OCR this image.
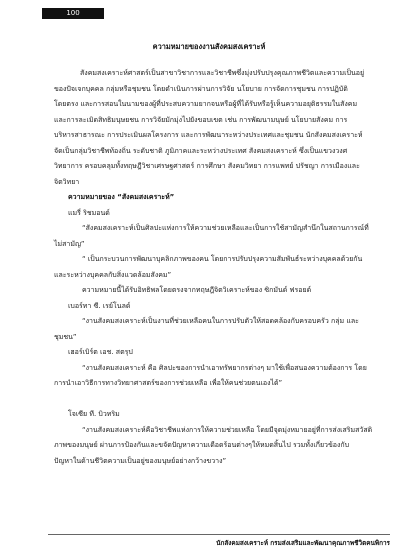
100
ความหมายของงานสังคมสงเคราะห์

สังคมสงเคราะห์ศาสตร์เป็นสาขาวิชาการและวิชาชีพซึ่งมุ่งปรับปรุงคุณภาพชีวิตและความเป็นอยู่

ของปัจเจกบุคคล กลุ่มหรือชุมชน โดยดำเนินการผ่านการวิจัย นโยบาย การจัดการชุมชน การปฏิบัติ

โดยตรง และการสอนในนามของผู้ที่ประสบความยากจนหรือผู้ที่ได้รับหรือรู้เห็นความอยุติธรรมในสังคม

และการละเมิดสิทธิมนุษยชน การวิจัยมักมุ่งไปยังขอบเขต เช่น การพัฒนามนุษย์ นโยบายสังคม การ

บริหารสาธารณะ การประเมินผลโครงการ และการพัฒนาระหว่างประเทศและชุมชน นักสังคมสงเคราะห์

จัดเป็นกลุ่มวิชาชีพท้องถิ่น ระดับชาติ ภูมิภาคและระหว่างประเทศ สังคมสงเคราะห์ ซึ่งเป็นแขวงวงศ

วิทยาการ ครอบคลุมทั้งทฤษฎีวิชาเศรษฐศาสตร์ การศึกษา สังคมวิทยา การแพทย์ ปรัชญา การเมืองและ

จิตวิทยา

ความหมายของ “สังคมสงเคราะห์”

แมรี่ ริชมอนด์

“สังคมสงเคราะห์เป็นศิลปะแห่งการให้ความช่วยเหลือและเป็นการใช้สามัญสำนึกในสถานการณ์ที่

ไม่สามัญ”

“ เป็นกระบวนการพัฒนาบุคลิกภาพของคน โดยการปรับปรุงความสัมพันธ์ระหว่างบุคคลด้วยกัน

และระหว่างบุคคลกับสิ่งแวดล้อมสังคม”

ความหมายนี้ได้รับอิทธิพลโดยตรงจากทฤษฎีจิตวิเคราะห์ของ ซิกมันด์ ฟรอยด์

เบอร์ทา ซี. เรย์โนลด์

“งานสังคมสงเคราะห์เป็นงานที่ช่วยเหลือคนในการปรับตัวให้สอดคล้องกับครอบครัว กลุ่ม และ

ชุมชน”

เฮอร์เบิร์ต เอช. สตรุป

“งานสังคมสงเคราะห์ คือ ศิลปะของการนำเอาทรัพยากรต่างๆ มาใช้เพื่อสนองความต้องการ โดย

การนำเอาวิธีการทางวิทยาศาสตร์ของการช่วยเหลือ เพื่อให้คนช่วยตนเองได้”

โจเซีย ที. บิวทริม

“งานสังคมสงเคราะห์คือวิชาชีพแห่งการให้ความช่วยเหลือ โดยมีจุดมุ่งหมายอยู่ที่การส่งเสริมสวัสดิ

ภาพของมนุษย์ ผ่านการป้องกันและขจัดปัญหาความเดือดร้อนต่างๆให้หมดสิ้นไป รวมทั้งเกี่ยวข้องกับ

ปัญหาในด้านชีวิตความเป็นอยู่ของมนุษย์อย่างกว้างขวาง”

นักสังคมสงเคราะห์ กรมส่งเสริมและพัฒนาคุณภาพชีวิตคนพิการ
